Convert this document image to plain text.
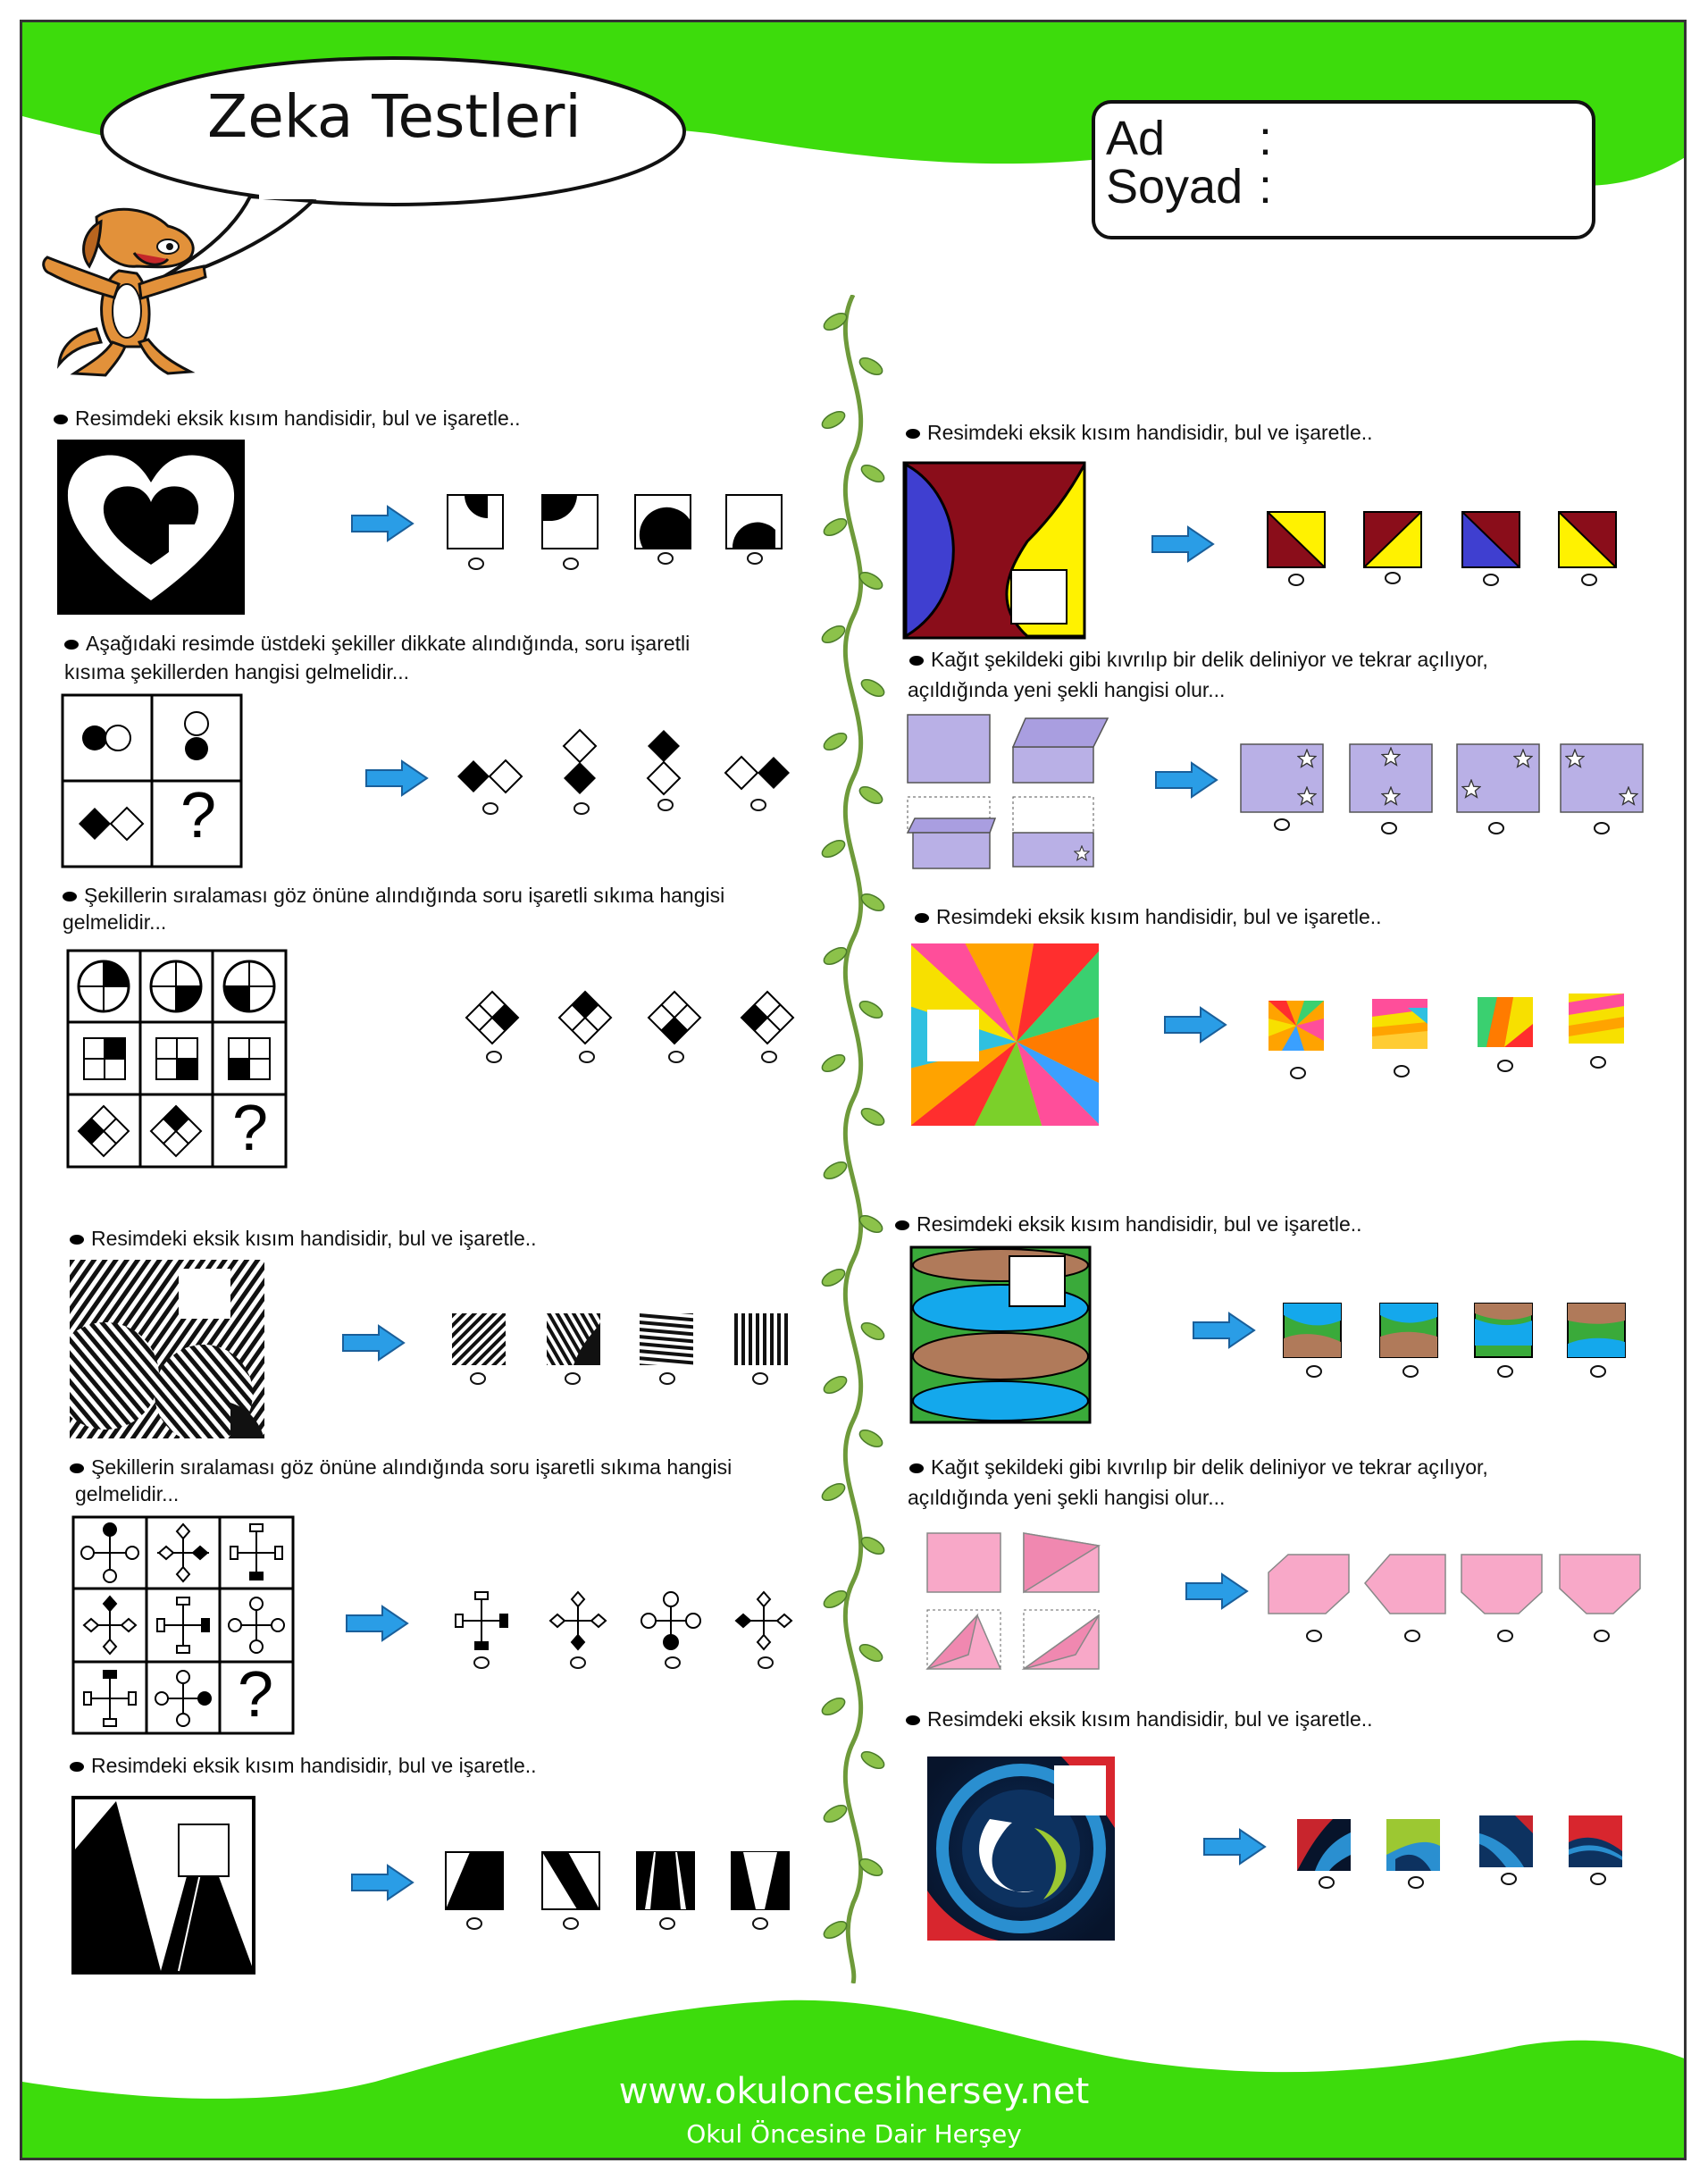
Zeka Testleri	Ad :
Soyad :
Resimdeki eksik kısım handisidir, bul ve işaretle..
Aşağıdaki resimde üstdeki şekiller dikkate alındığında, soru işaretli
kısıma şekillerden hangisi gelmelidir...
?
Şekillerin sıralaması göz önüne alındığında soru işaretli sıkıma hangisi
gelmelidir...
?
Resimdeki eksik kısım handisidir, bul ve işaretle..
Şekillerin sıralaması göz önüne alındığında soru işaretli sıkıma hangisi
gelmelidir...
?
Resimdeki eksik kısım handisidir, bul ve işaretle..
Resimdeki eksik kısım handisidir, bul ve işaretle..
Kağıt şekildeki gibi kıvrılıp bir delik deliniyor ve tekrar açılıyor,
açıldığında yeni şekli hangisi olur...
Resimdeki eksik kısım handisidir, bul ve işaretle..
Resimdeki eksik kısım handisidir, bul ve işaretle..
Kağıt şekildeki gibi kıvrılıp bir delik deliniyor ve tekrar açılıyor,
açıldığında yeni şekli hangisi olur...
Resimdeki eksik kısım handisidir, bul ve işaretle..
www.okuloncesihersey.net
Okul Öncesine Dair Herşey
